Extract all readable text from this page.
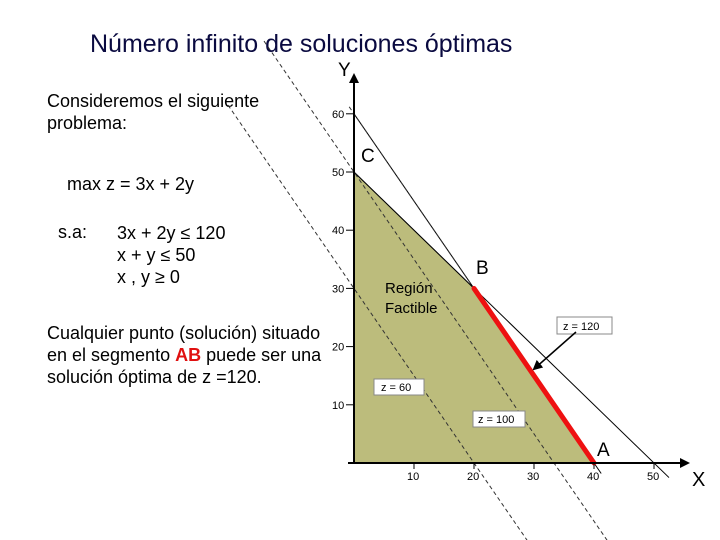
Número infinito de soluciones óptimas
Consideremos el siguiente problema:
max z = 3x + 2y
s.a: 3x + 2y ≤ 120
x + y ≤ 50
x , y ≥ 0
Cualquier punto (solución) situado en el segmento AB puede ser una solución óptima de z =120.
10	20	30	40	50
10
20
30
40
50
60
Y
X
C
B
A
Región
Factible
z = 60
z = 100
z = 120
